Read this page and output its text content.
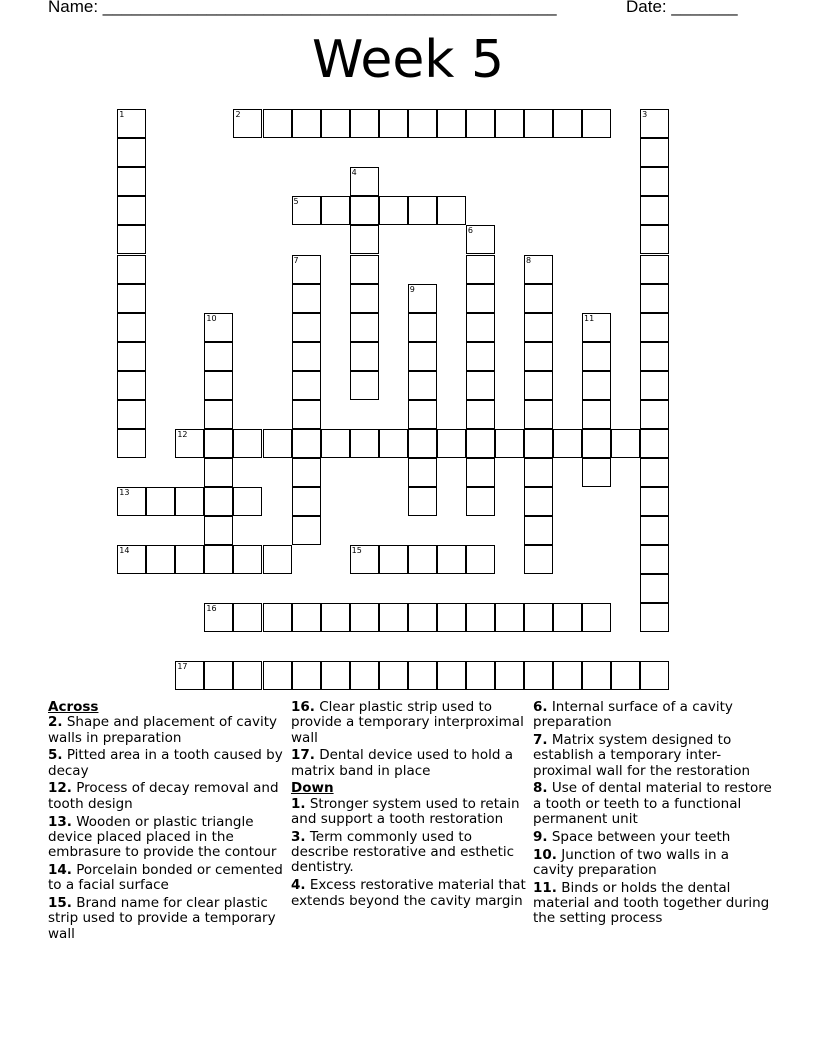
Name: ________________________________________________	Date: _______
Week 5
2
5
12
13
14	15
16
17
1	3
4
6
7	8
9
10	11
Across
2. Shape and placement of cavity walls in preparation
5. Pitted area in a tooth caused by decay
12. Process of decay removal and tooth design
13. Wooden or plastic triangle device placed placed in the embrasure to provide the contour
14. Porcelain bonded or cemented to a facial surface
15. Brand name for clear plastic strip used to provide a temporary wall
16. Clear plastic strip used to provide a temporary interproximal wall
17. Dental device used to hold a matrix band in place
Down
1. Stronger system used to retain and support a tooth restoration
3. Term commonly used to describe restorative and esthetic dentistry.
4. Excess restorative material that extends beyond the cavity margin
6. Internal surface of a cavity preparation
7. Matrix system designed to establish a temporary inter-proximal wall for the restoration
8. Use of dental material to restore a tooth or teeth to a functional permanent unit
9. Space between your teeth
10. Junction of two walls in a cavity preparation
11. Binds or holds the dental material and tooth together during the setting process
